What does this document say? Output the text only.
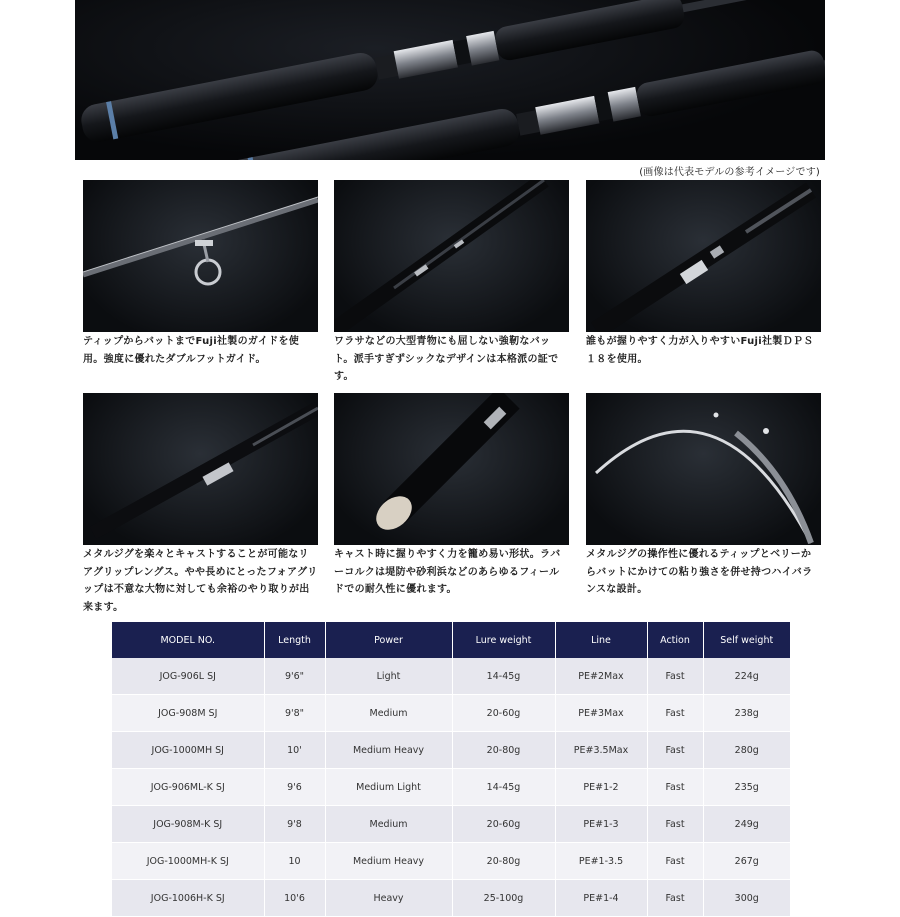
(画像は代表モデルの参考イメージです)
ティップからバットまでFuji社製のガイドを使用。強度に優れたダブルフットガイド。
ワラサなどの大型青物にも屈しない強靭なバット。派手すぎずシックなデザインは本格派の証です。
誰もが握りやすく力が入りやすいFuji社製ＤＰＳ１８を使用。
メタルジグを楽々とキャストすることが可能なリアグリップレングス。やや長めにとったフォアグリップは不意な大物に対しても余裕のやり取りが出来ます。
キャスト時に握りやすく力を籠め易い形状。ラバーコルクは堤防や砂利浜などのあらゆるフィールドでの耐久性に優れます。
メタルジグの操作性に優れるティップとベリーからバットにかけての粘り強さを併せ持つハイバランスな設計。
MODEL NO.	Length	Power	Lure weight	Line	Action	Self weight
JOG-906L SJ	9'6"	Light	14-45g	PE#2Max	Fast	224g
JOG-908M SJ	9'8"	Medium	20-60g	PE#3Max	Fast	238g
JOG-1000MH SJ	10'	Medium Heavy	20-80g	PE#3.5Max	Fast	280g
JOG-906ML-K SJ	9'6	Medium Light	14-45g	PE#1-2	Fast	235g
JOG-908M-K SJ	9'8	Medium	20-60g	PE#1-3	Fast	249g
JOG-1000MH-K SJ	10	Medium Heavy	20-80g	PE#1-3.5	Fast	267g
JOG-1006H-K SJ	10'6	Heavy	25-100g	PE#1-4	Fast	300g
